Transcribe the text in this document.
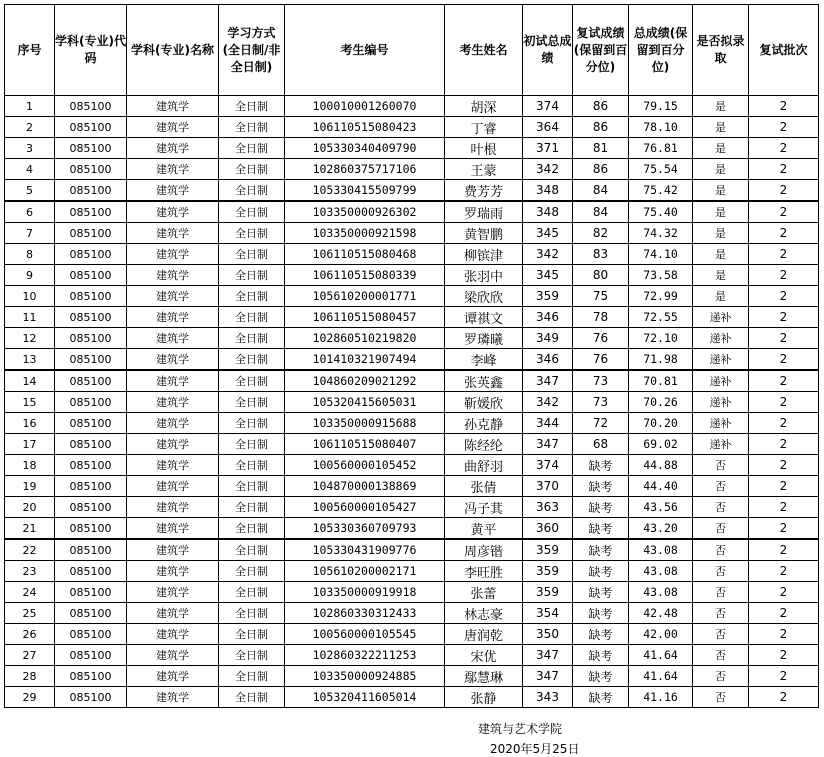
序号	学科(专业)代码	学科(专业)名称	学习方式(全日制/非全日制)	考生编号	考生姓名	初试总成绩	复试成绩(保留到百分位)	总成绩(保留到百分位)	是否拟录取	复试批次
1	085100	建筑学	全日制	100010001260070	胡深	374	86	79.15	是	2
2	085100	建筑学	全日制	106110515080423	丁睿	364	86	78.10	是	2
3	085100	建筑学	全日制	105330340409790	叶根	371	81	76.81	是	2
4	085100	建筑学	全日制	102860375717106	王蒙	342	86	75.54	是	2
5	085100	建筑学	全日制	105330415509799	费芳芳	348	84	75.42	是	2
6	085100	建筑学	全日制	103350000926302	罗瑞雨	348	84	75.40	是	2
7	085100	建筑学	全日制	103350000921598	黄智鹏	345	82	74.32	是	2
8	085100	建筑学	全日制	106110515080468	柳镔津	342	83	74.10	是	2
9	085100	建筑学	全日制	106110515080339	张羽中	345	80	73.58	是	2
10	085100	建筑学	全日制	105610200001771	梁欣欣	359	75	72.99	是	2
11	085100	建筑学	全日制	106110515080457	谭祺文	346	78	72.55	递补	2
12	085100	建筑学	全日制	102860510219820	罗璘曦	349	76	72.10	递补	2
13	085100	建筑学	全日制	101410321907494	李峰	346	76	71.98	递补	2
14	085100	建筑学	全日制	104860209021292	张英鑫	347	73	70.81	递补	2
15	085100	建筑学	全日制	105320415605031	靳媛欣	342	73	70.26	递补	2
16	085100	建筑学	全日制	103350000915688	孙克静	344	72	70.20	递补	2
17	085100	建筑学	全日制	106110515080407	陈经纶	347	68	69.02	递补	2
18	085100	建筑学	全日制	100560000105452	曲舒羽	374	缺考	44.88	否	2
19	085100	建筑学	全日制	104870000138869	张倩	370	缺考	44.40	否	2
20	085100	建筑学	全日制	100560000105427	冯子萁	363	缺考	43.56	否	2
21	085100	建筑学	全日制	105330360709793	黄平	360	缺考	43.20	否	2
22	085100	建筑学	全日制	105330431909776	周彦锴	359	缺考	43.08	否	2
23	085100	建筑学	全日制	105610200002171	李旺胜	359	缺考	43.08	否	2
24	085100	建筑学	全日制	103350000919918	张蕾	359	缺考	43.08	否	2
25	085100	建筑学	全日制	102860330312433	林志豪	354	缺考	42.48	否	2
26	085100	建筑学	全日制	100560000105545	唐润乾	350	缺考	42.00	否	2
27	085100	建筑学	全日制	102860322211253	宋优	347	缺考	41.64	否	2
28	085100	建筑学	全日制	103350000924885	鄢慧琳	347	缺考	41.64	否	2
29	085100	建筑学	全日制	105320411605014	张静	343	缺考	41.16	否	2
建筑与艺术学院
2020年5月25日
